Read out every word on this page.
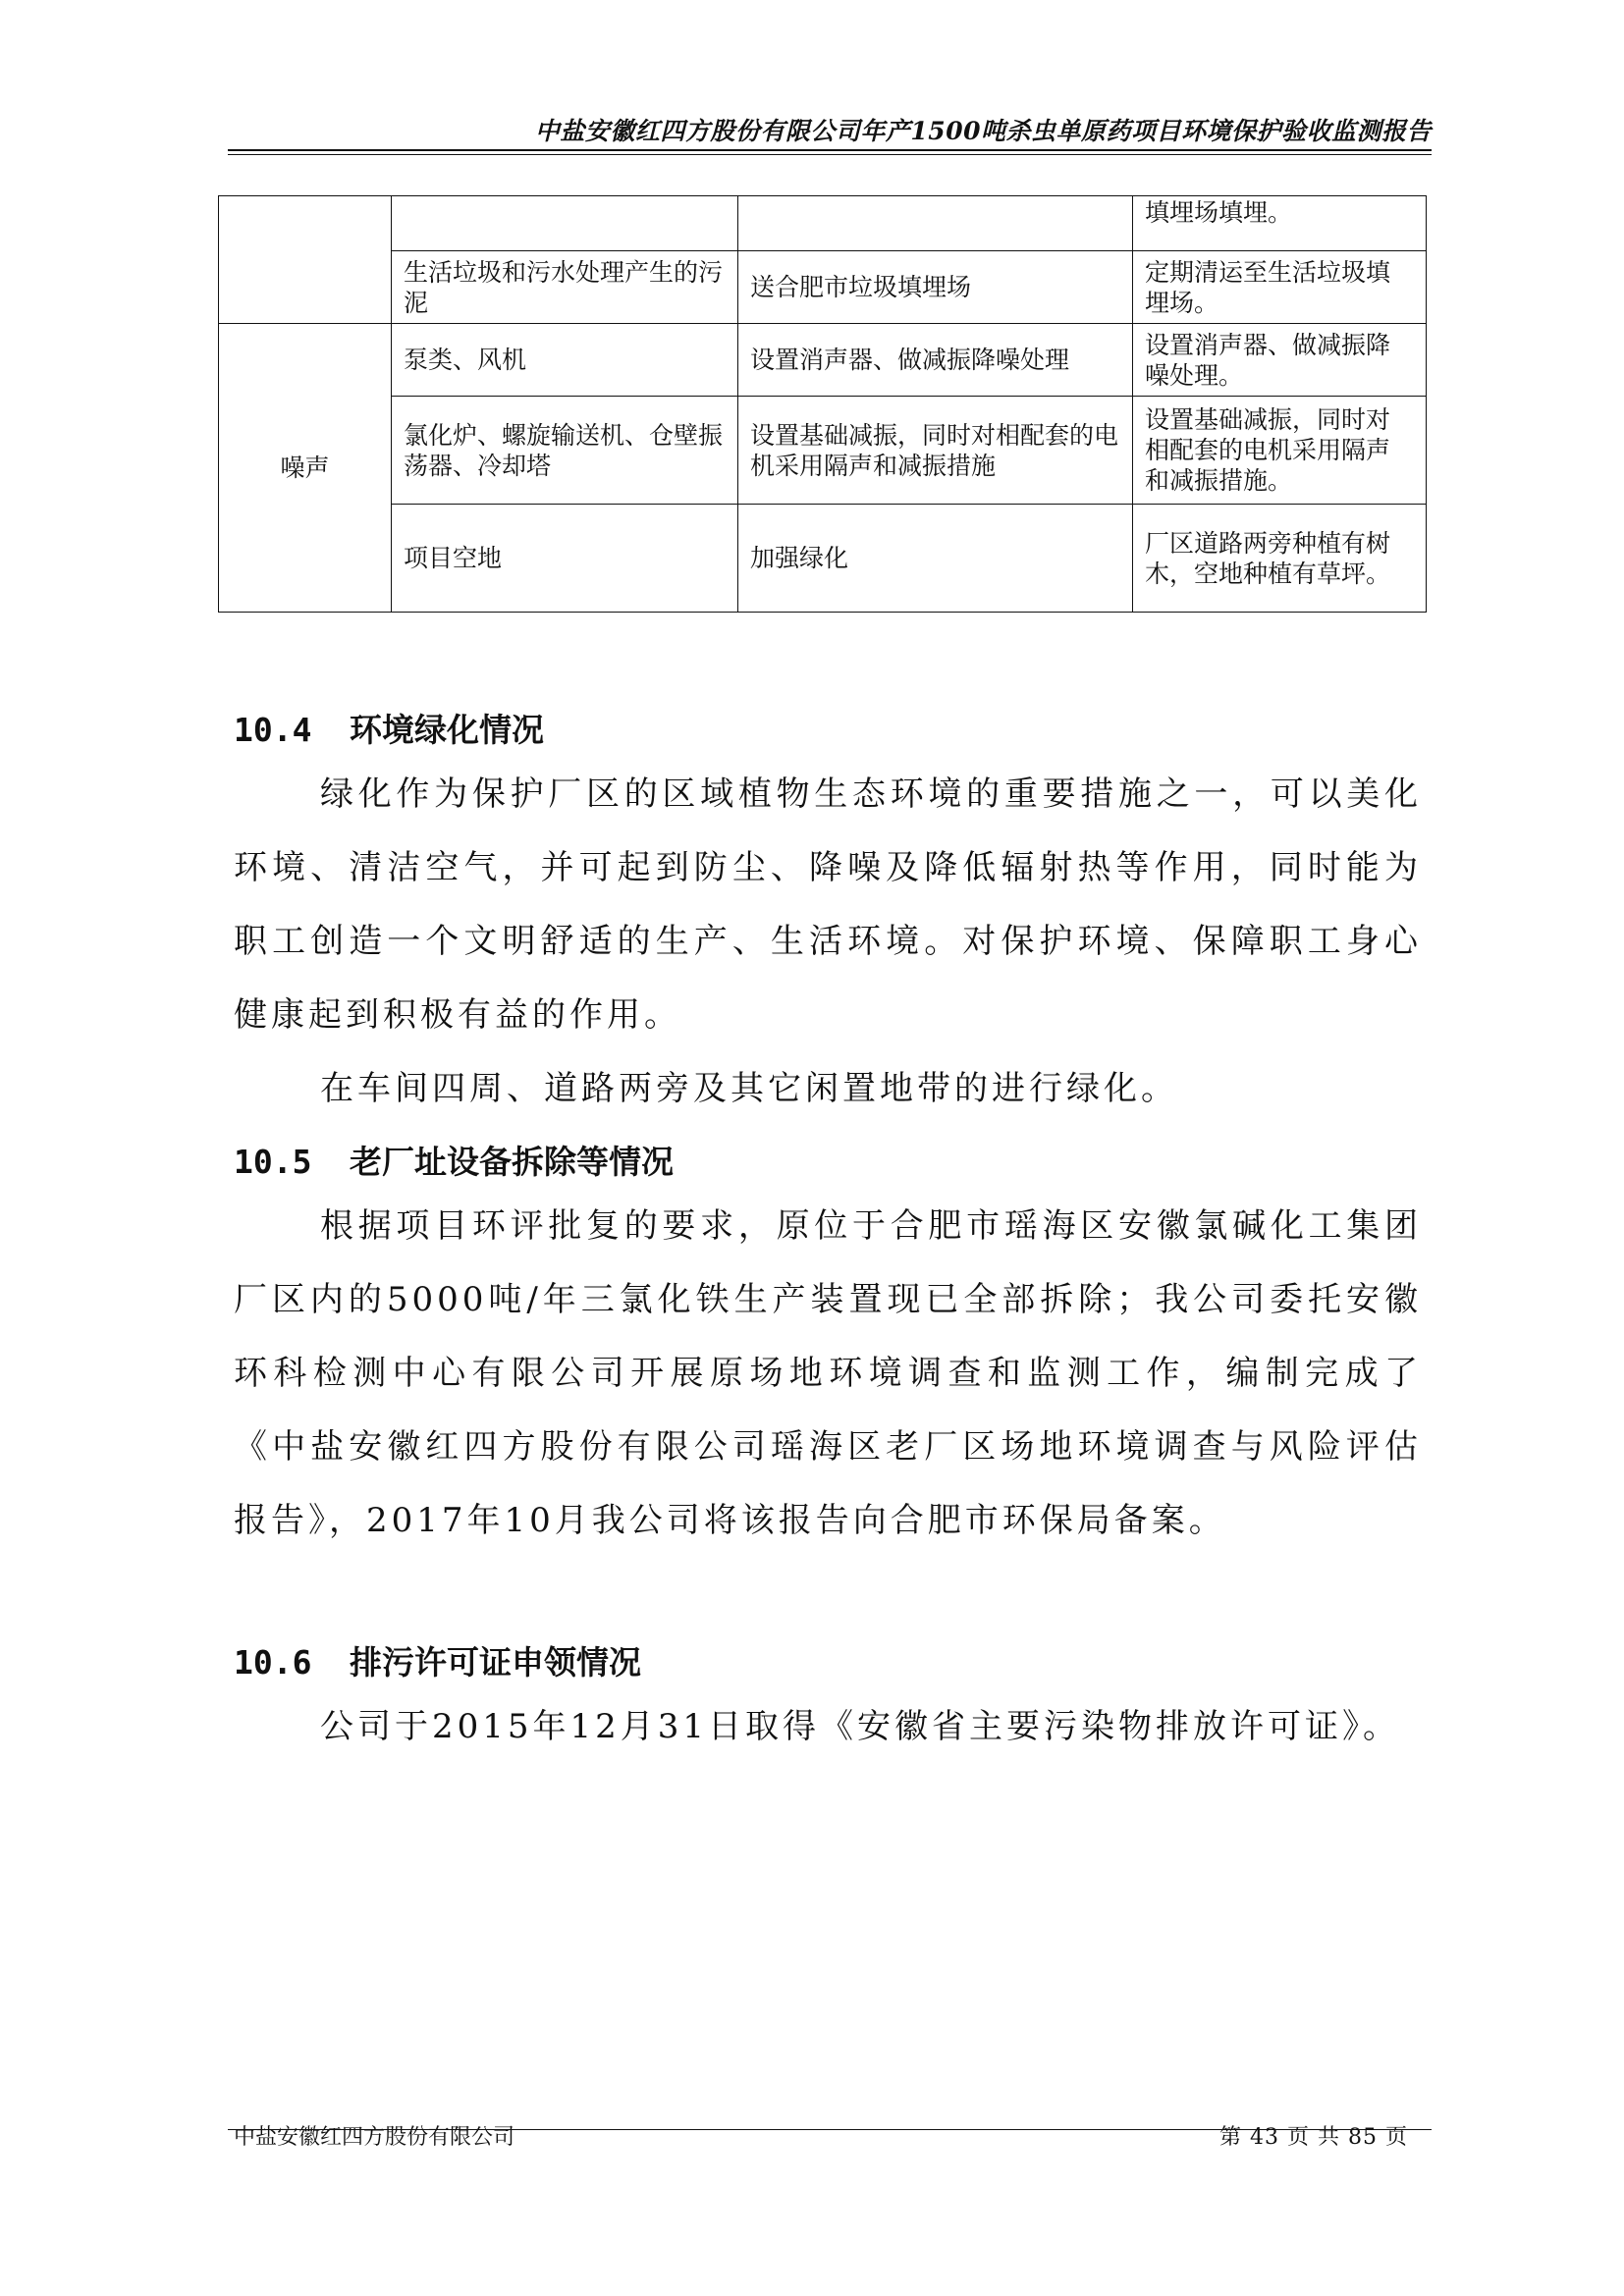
中盐安徽红四方股份有限公司年产1500吨杀虫单原药项目环境保护验收监测报告
			填埋场填埋。
	生活垃圾和污水处理产生的污泥	送合肥市垃圾填埋场	定期清运至生活垃圾填埋场。
噪声	泵类、风机	设置消声器、做减振降噪处理	设置消声器、做减振降噪处理。
	氯化炉、螺旋输送机、仓壁振荡器、冷却塔	设置基础减振，同时对相配套的电机采用隔声和减振措施	设置基础减振，同时对相配套的电机采用隔声和减振措施。
	项目空地	加强绿化	厂区道路两旁种植有树木，空地种植有草坪。
10.4 环境绿化情况

绿化作为保护厂区的区域植物生态环境的重要措施之一，可以美化环境、清洁空气，并可起到防尘、降噪及降低辐射热等作用，同时能为职工创造一个文明舒适的生产、生活环境。对保护环境、保障职工身心健康起到积极有益的作用。

在车间四周、道路两旁及其它闲置地带的进行绿化。

10.5 老厂址设备拆除等情况

根据项目环评批复的要求，原位于合肥市瑶海区安徽氯碱化工集团厂区内的5000吨/年三氯化铁生产装置现已全部拆除；我公司委托安徽环科检测中心有限公司开展原场地环境调查和监测工作，编制完成了《中盐安徽红四方股份有限公司瑶海区老厂区场地环境调查与风险评估报告》，2017年10月我公司将该报告向合肥市环保局备案。

10.6 排污许可证申领情况

公司于2015年12月31日取得《安徽省主要污染物排放许可证》。

中盐安徽红四方股份有限公司	第 43 页 共 85 页
